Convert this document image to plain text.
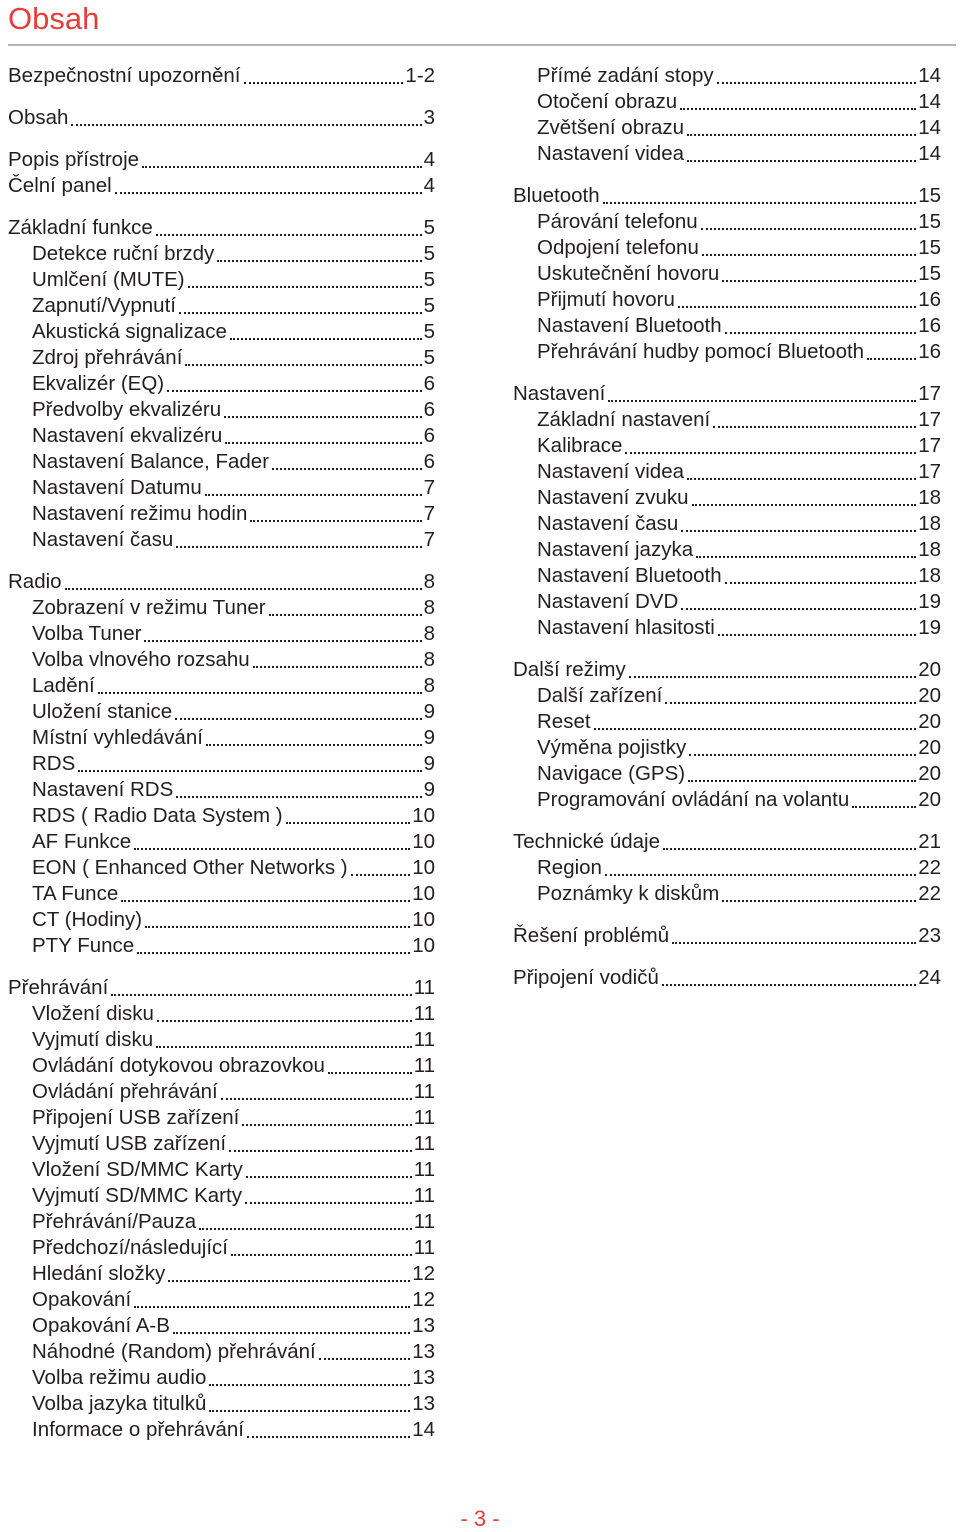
Obsah
Bezpečnostní upozornění	1-2
Obsah	3
Popis přístroje	4
Čelní panel	4
Základní funkce	5
Detekce ruční brzdy	5
Umlčení (MUTE)	5
Zapnutí/Vypnutí	5
Akustická signalizace	5
Zdroj přehrávání	5
Ekvalizér (EQ)	6
Předvolby ekvalizéru	6
Nastavení ekvalizéru	6
Nastavení Balance, Fader	6
Nastavení Datumu	7
Nastavení režimu hodin	7
Nastavení času	7
Radio	8
Zobrazení v režimu Tuner	8
Volba Tuner	8
Volba vlnového rozsahu	8
Ladění	8
Uložení stanice	9
Místní vyhledávání	9
RDS	9
Nastavení RDS	9
RDS ( Radio Data System )	10
AF Funkce	10
EON ( Enhanced Other Networks )	10
TA Funce	10
CT (Hodiny)	10
PTY Funce	10
Přehrávání	11
Vložení disku	11
Vyjmutí disku	11
Ovládání dotykovou obrazovkou	11
Ovládání přehrávání	11
Připojení USB zařízení	11
Vyjmutí USB zařízení	11
Vložení SD/MMC Karty	11
Vyjmutí SD/MMC Karty	11
Přehrávání/Pauza	11
Předchozí/následující	11
Hledání složky	12
Opakování	12
Opakování A-B	13
Náhodné (Random) přehrávání	13
Volba režimu audio	13
Volba jazyka titulků	13
Informace o přehrávání	14
Přímé zadání stopy	14
Otočení obrazu	14
Zvětšení obrazu	14
Nastavení videa	14
Bluetooth	15
Párování telefonu	15
Odpojení telefonu	15
Uskutečnění hovoru	15
Přijmutí hovoru	16
Nastavení Bluetooth	16
Přehrávání hudby pomocí Bluetooth	16
Nastavení	17
Základní nastavení	17
Kalibrace	17
Nastavení videa	17
Nastavení zvuku	18
Nastavení času	18
Nastavení jazyka	18
Nastavení Bluetooth	18
Nastavení DVD	19
Nastavení hlasitosti	19
Další režimy	20
Další zařízení	20
Reset	20
Výměna pojistky	20
Navigace (GPS)	20
Programování ovládání na volantu	20
Technické údaje	21
Region	22
Poznámky k diskům	22
Řešení problémů	23
Připojení vodičů	24
- 3 -
